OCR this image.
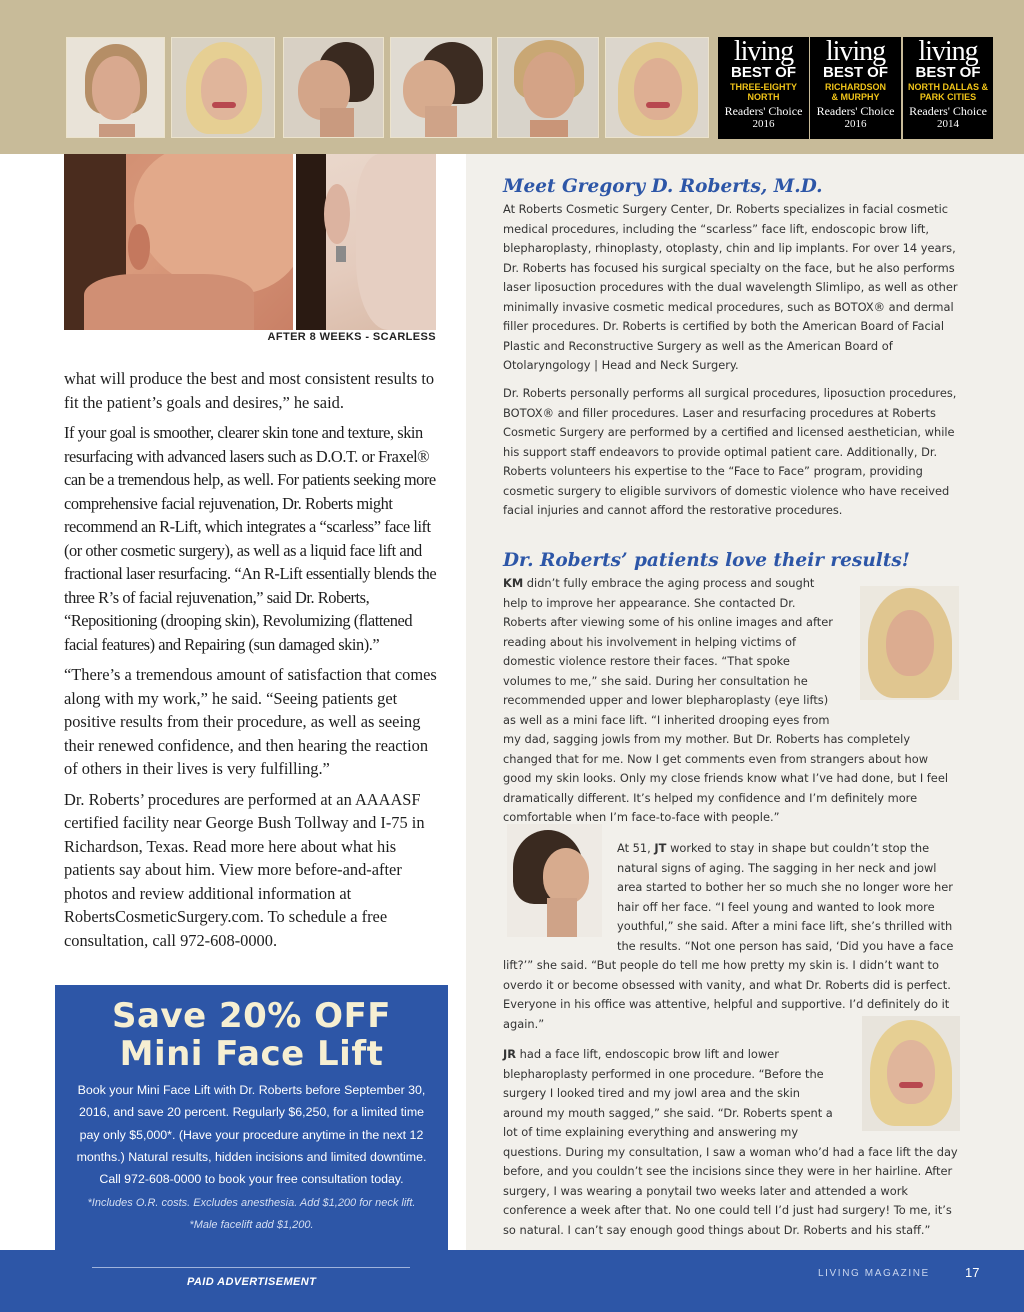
living
BEST OF
THREE-EIGHTY NORTH
Readers' Choice
2016
living
BEST OF
RICHARDSON & MURPHY
Readers' Choice
2016
living
BEST OF
NORTH DALLAS & PARK CITIES
Readers' Choice
2014
AFTER 8 WEEKS - SCARLESS

what will produce the best and most consistent results to fit the patient’s goals and desires,” he said.

If your goal is smoother, clearer skin tone and texture, skin resurfacing with advanced lasers such as D.O.T. or Fraxel® can be a tremendous help, as well. For patients seeking more comprehensive facial rejuvenation, Dr. Roberts might recommend an R-Lift, which integrates a “scarless” face lift (or other cosmetic surgery), as well as a liquid face lift and fractional laser resurfacing. “An R-Lift essentially blends the three R’s of facial rejuvenation,” said Dr. Roberts, “Repositioning (drooping skin), Revolumizing (flattened facial features) and Repairing (sun damaged skin).”

“There’s a tremendous amount of satisfaction that comes along with my work,” he said. “Seeing patients get positive results from their procedure, as well as seeing their renewed confidence, and then hearing the reaction of others in their lives is very fulfilling.”

Dr. Roberts’ procedures are performed at an AAAASF certified facility near George Bush Tollway and I-75 in Richardson, Texas. Read more here about what his patients say about him. View more before-and-after photos and review additional information at RobertsCosmeticSurgery.com. To schedule a free consultation, call 972-608-0000.

Save 20% OFF
Mini Face Lift
Book your Mini Face Lift with Dr. Roberts before September 30, 2016, and save 20 percent. Regularly $6,250, for a limited time pay only $5,000*. (Have your procedure anytime in the next 12 months.) Natural results, hidden incisions and limited downtime. Call 972-608-0000 to book your free consultation today.
*Includes O.R. costs. Excludes anesthesia. Add $1,200 for neck lift.
*Male facelift add $1,200.
Meet Gregory D. Roberts, M.D.
At Roberts Cosmetic Surgery Center, Dr. Roberts specializes in facial cosmetic medical procedures, including the “scarless” face lift, endoscopic brow lift, blepharoplasty, rhinoplasty, otoplasty, chin and lip implants. For over 14 years, Dr. Roberts has focused his surgical specialty on the face, but he also performs laser liposuction procedures with the dual wavelength Slimlipo, as well as other minimally invasive cosmetic medical procedures, such as BOTOX® and dermal filler procedures. Dr. Roberts is certified by both the American Board of Facial Plastic and Reconstructive Surgery as well as the American Board of Otolaryngology | Head and Neck Surgery.
Dr. Roberts personally performs all surgical procedures, liposuction procedures, BOTOX® and filler procedures. Laser and resurfacing procedures at Roberts Cosmetic Surgery are performed by a certified and licensed aesthetician, while his support staff endeavors to provide optimal patient care. Additionally, Dr. Roberts volunteers his expertise to the “Face to Face” program, providing cosmetic surgery to eligible survivors of domestic violence who have received facial injuries and cannot afford the restorative procedures.
Dr. Roberts’ patients love their results!
KM didn’t fully embrace the aging process and sought help to improve her appearance. She contacted Dr. Roberts after viewing some of his online images and after reading about his involvement in helping victims of domestic violence restore their faces. “That spoke volumes to me,” she said. During her consultation he recommended upper and lower blepharoplasty (eye lifts) as well as a mini face lift. “I inherited drooping eyes from my dad, sagging jowls from my mother. But Dr. Roberts has completely changed that for me. Now I get comments even from strangers about how good my skin looks. Only my close friends know what I’ve had done, but I feel dramatically different. It’s helped my confidence and I’m definitely more comfortable when I’m face-to-face with people.”
At 51, JT worked to stay in shape but couldn’t stop the natural signs of aging. The sagging in her neck and jowl area started to bother her so much she no longer wore her hair off her face. “I feel young and wanted to look more youthful,” she said. After a mini face lift, she’s thrilled with the results. “Not one person has said, ‘Did you have a face lift?’” she said. “But people do tell me how pretty my skin is. I didn’t want to overdo it or become obsessed with vanity, and what Dr. Roberts did is perfect. Everyone in his office was attentive, helpful and supportive. I’d definitely do it again.”
JR had a face lift, endoscopic brow lift and lower blepharoplasty performed in one procedure. “Before the surgery I looked tired and my jowl area and the skin around my mouth sagged,” she said. “Dr. Roberts spent a lot of time explaining everything and answering my questions. During my consultation, I saw a woman who’d had a face lift the day before, and you couldn’t see the incisions since they were in her hairline. After surgery, I was wearing a ponytail two weeks later and attended a work conference a week after that. No one could tell I’d just had surgery! To me, it’s so natural. I can’t say enough good things about Dr. Roberts and his staff.”
PAID ADVERTISEMENT
LIVING MAGAZINE	17
